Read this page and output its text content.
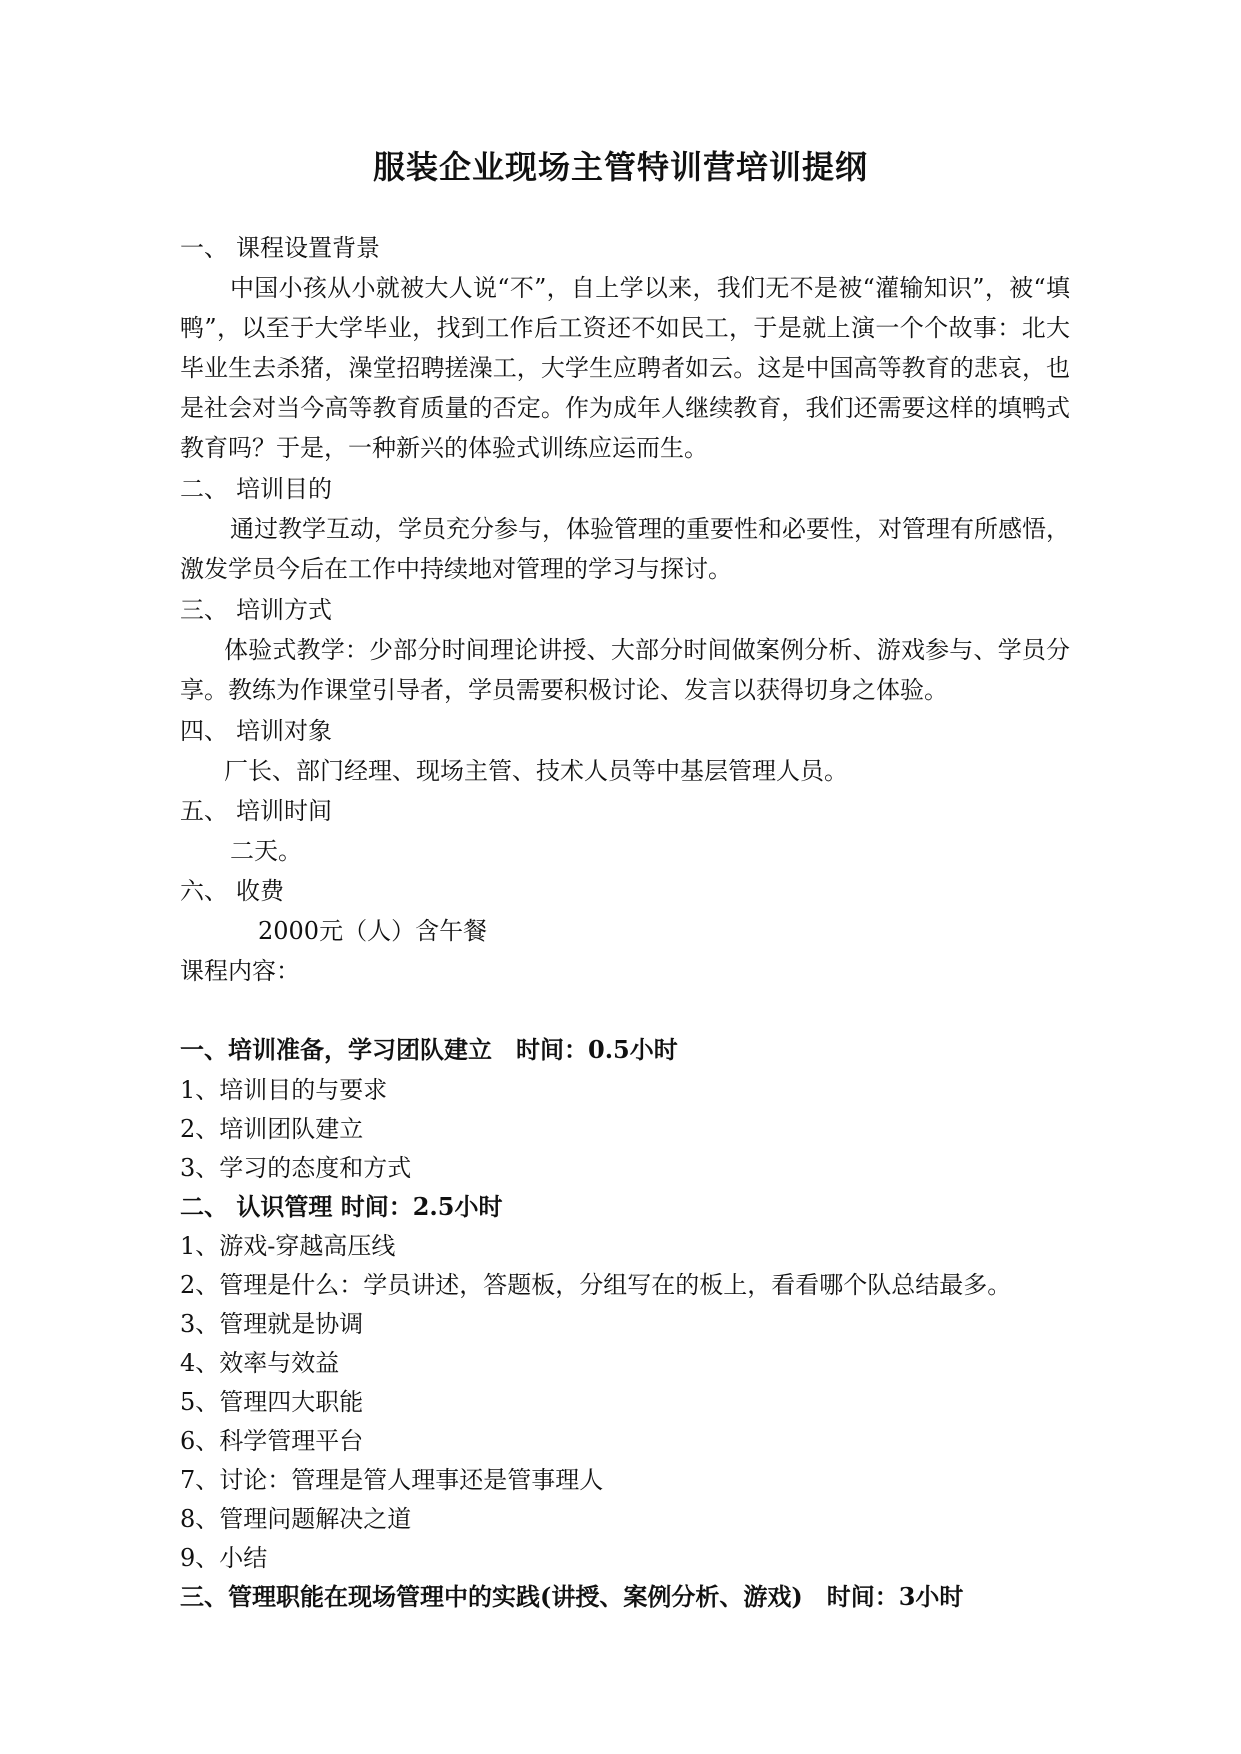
服装企业现场主管特训营培训提纲
一、 课程设置背景
中国小孩从小就被大人说“不”，自上学以来，我们无不是被“灌输知识”，被“填鸭”，以至于大学毕业，找到工作后工资还不如民工，于是就上演一个个故事：北大毕业生去杀猪，澡堂招聘搓澡工，大学生应聘者如云。这是中国高等教育的悲哀，也是社会对当今高等教育质量的否定。作为成年人继续教育，我们还需要这样的填鸭式教育吗？于是，一种新兴的体验式训练应运而生。
二、 培训目的
通过教学互动，学员充分参与，体验管理的重要性和必要性，对管理有所感悟，激发学员今后在工作中持续地对管理的学习与探讨。
三、 培训方式
体验式教学：少部分时间理论讲授、大部分时间做案例分析、游戏参与、学员分享。教练为作课堂引导者，学员需要积极讨论、发言以获得切身之体验。
四、 培训对象
厂长、部门经理、现场主管、技术人员等中基层管理人员。
五、 培训时间
二天。
六、 收费
2000元（人）含午餐
课程内容：
一、培训准备，学习团队建立　时间：0.5小时
1、培训目的与要求
2、培训团队建立
3、学习的态度和方式
二、 认识管理 时间：2.5小时
1、游戏-穿越高压线
2、管理是什么：学员讲述，答题板，分组写在的板上，看看哪个队总结最多。
3、管理就是协调
4、效率与效益
5、管理四大职能
6、科学管理平台
7、讨论：管理是管人理事还是管事理人
8、管理问题解决之道
9、小结
三、管理职能在现场管理中的实践(讲授、案例分析、游戏)　时间：3小时
